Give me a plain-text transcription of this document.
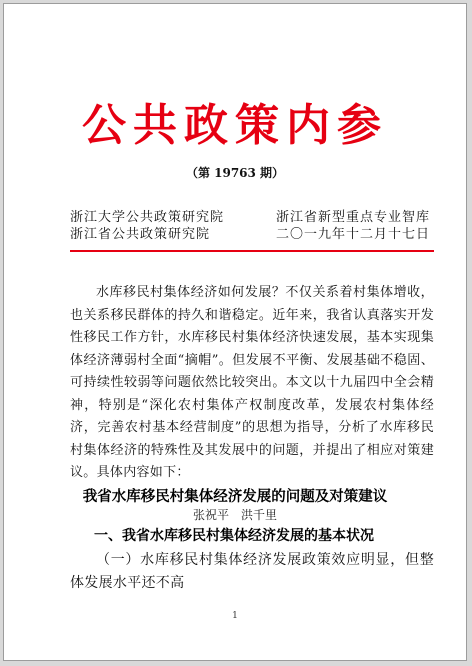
公共政策内参
（第 19763 期）
浙江大学公共政策研究院
浙江省公共政策研究院
浙江省新型重点专业智库
二〇一九年十二月十七日

水库移民村集体经济如何发展？不仅关系着村集体增收，也关系移民群体的持久和谐稳定。近年来，我省认真落实开发性移民工作方针，水库移民村集体经济快速发展，基本实现集体经济薄弱村全面“摘帽”。但发展不平衡、发展基础不稳固、可持续性较弱等问题依然比较突出。本文以十九届四中全会精神，特别是“深化农村集体产权制度改革，发展农村集体经济，完善农村基本经营制度”的思想为指导，分析了水库移民村集体经济的特殊性及其发展中的问题，并提出了相应对策建议。具体内容如下：

我省水库移民村集体经济发展的问题及对策建议
张祝平　洪千里
一、我省水库移民村集体经济发展的基本状况

（一）水库移民村集体经济发展政策效应明显，但整体发展水平还不高

1
